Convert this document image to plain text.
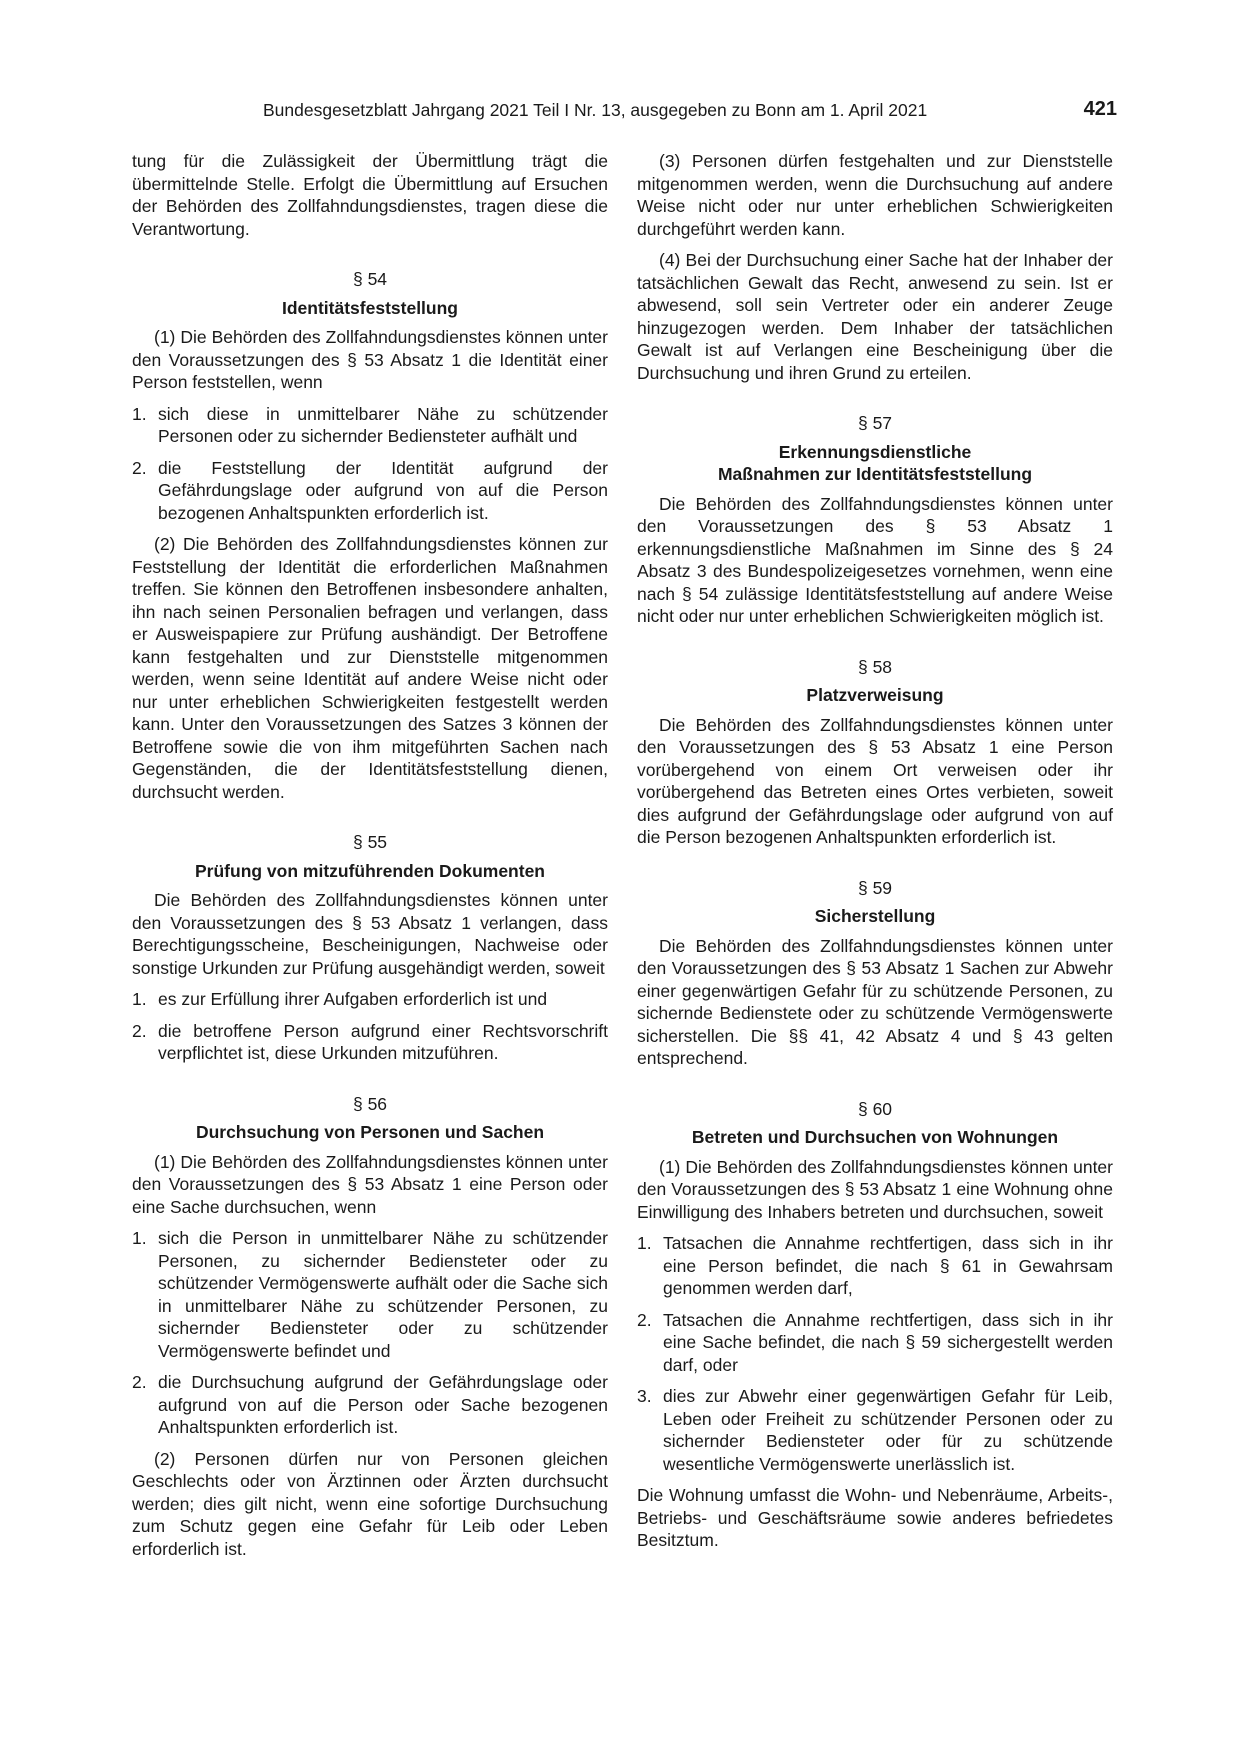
Bundesgesetzblatt Jahrgang 2021 Teil I Nr. 13, ausgegeben zu Bonn am 1. April 2021	421

tung für die Zulässigkeit der Übermittlung trägt die übermittelnde Stelle. Erfolgt die Übermittlung auf Ersuchen der Behörden des Zollfahndungsdienstes, tragen diese die Verantwortung.

§ 54
Identitätsfeststellung

(1) Die Behörden des Zollfahndungsdienstes können unter den Voraussetzungen des § 53 Absatz 1 die Identität einer Person feststellen, wenn

1. sich diese in unmittelbarer Nähe zu schützender Personen oder zu sichernder Bediensteter aufhält und
2. die Feststellung der Identität aufgrund der Gefährdungslage oder aufgrund von auf die Person bezogenen Anhaltspunkten erforderlich ist.

(2) Die Behörden des Zollfahndungsdienstes können zur Feststellung der Identität die erforderlichen Maßnahmen treffen. Sie können den Betroffenen insbesondere anhalten, ihn nach seinen Personalien befragen und verlangen, dass er Ausweispapiere zur Prüfung aushändigt. Der Betroffene kann festgehalten und zur Dienststelle mitgenommen werden, wenn seine Identität auf andere Weise nicht oder nur unter erheblichen Schwierigkeiten festgestellt werden kann. Unter den Voraussetzungen des Satzes 3 können der Betroffene sowie die von ihm mitgeführten Sachen nach Gegenständen, die der Identitätsfeststellung dienen, durchsucht werden.

§ 55
Prüfung von mitzuführenden Dokumenten

Die Behörden des Zollfahndungsdienstes können unter den Voraussetzungen des § 53 Absatz 1 verlangen, dass Berechtigungsscheine, Bescheinigungen, Nachweise oder sonstige Urkunden zur Prüfung ausgehändigt werden, soweit

1. es zur Erfüllung ihrer Aufgaben erforderlich ist und
2. die betroffene Person aufgrund einer Rechtsvorschrift verpflichtet ist, diese Urkunden mitzuführen.
§ 56
Durchsuchung von Personen und Sachen

(1) Die Behörden des Zollfahndungsdienstes können unter den Voraussetzungen des § 53 Absatz 1 eine Person oder eine Sache durchsuchen, wenn

1. sich die Person in unmittelbarer Nähe zu schützender Personen, zu sichernder Bediensteter oder zu schützender Vermögenswerte aufhält oder die Sache sich in unmittelbarer Nähe zu schützender Personen, zu sichernder Bediensteter oder zu schützender Vermögenswerte befindet und
2. die Durchsuchung aufgrund der Gefährdungslage oder aufgrund von auf die Person oder Sache bezogenen Anhaltspunkten erforderlich ist.

(2) Personen dürfen nur von Personen gleichen Geschlechts oder von Ärztinnen oder Ärzten durchsucht werden; dies gilt nicht, wenn eine sofortige Durchsuchung zum Schutz gegen eine Gefahr für Leib oder Leben erforderlich ist.

(3) Personen dürfen festgehalten und zur Dienststelle mitgenommen werden, wenn die Durchsuchung auf andere Weise nicht oder nur unter erheblichen Schwierigkeiten durchgeführt werden kann.

(4) Bei der Durchsuchung einer Sache hat der Inhaber der tatsächlichen Gewalt das Recht, anwesend zu sein. Ist er abwesend, soll sein Vertreter oder ein anderer Zeuge hinzugezogen werden. Dem Inhaber der tatsächlichen Gewalt ist auf Verlangen eine Bescheinigung über die Durchsuchung und ihren Grund zu erteilen.

§ 57
Erkennungsdienstliche
Maßnahmen zur Identitätsfeststellung

Die Behörden des Zollfahndungsdienstes können unter den Voraussetzungen des § 53 Absatz 1 erkennungsdienstliche Maßnahmen im Sinne des § 24 Absatz 3 des Bundespolizeigesetzes vornehmen, wenn eine nach § 54 zulässige Identitätsfeststellung auf andere Weise nicht oder nur unter erheblichen Schwierigkeiten möglich ist.

§ 58
Platzverweisung

Die Behörden des Zollfahndungsdienstes können unter den Voraussetzungen des § 53 Absatz 1 eine Person vorübergehend von einem Ort verweisen oder ihr vorübergehend das Betreten eines Ortes verbieten, soweit dies aufgrund der Gefährdungslage oder aufgrund von auf die Person bezogenen Anhaltspunkten erforderlich ist.

§ 59
Sicherstellung

Die Behörden des Zollfahndungsdienstes können unter den Voraussetzungen des § 53 Absatz 1 Sachen zur Abwehr einer gegenwärtigen Gefahr für zu schützende Personen, zu sichernde Bedienstete oder zu schützende Vermögenswerte sicherstellen. Die §§ 41, 42 Absatz 4 und § 43 gelten entsprechend.

§ 60
Betreten und Durchsuchen von Wohnungen

(1) Die Behörden des Zollfahndungsdienstes können unter den Voraussetzungen des § 53 Absatz 1 eine Wohnung ohne Einwilligung des Inhabers betreten und durchsuchen, soweit

1. Tatsachen die Annahme rechtfertigen, dass sich in ihr eine Person befindet, die nach § 61 in Gewahrsam genommen werden darf,
2. Tatsachen die Annahme rechtfertigen, dass sich in ihr eine Sache befindet, die nach § 59 sichergestellt werden darf, oder
3. dies zur Abwehr einer gegenwärtigen Gefahr für Leib, Leben oder Freiheit zu schützender Personen oder zu sichernder Bediensteter oder für zu schützende wesentliche Vermögenswerte unerlässlich ist.

Die Wohnung umfasst die Wohn- und Nebenräume, Arbeits-, Betriebs- und Geschäftsräume sowie anderes befriedetes Besitztum.
